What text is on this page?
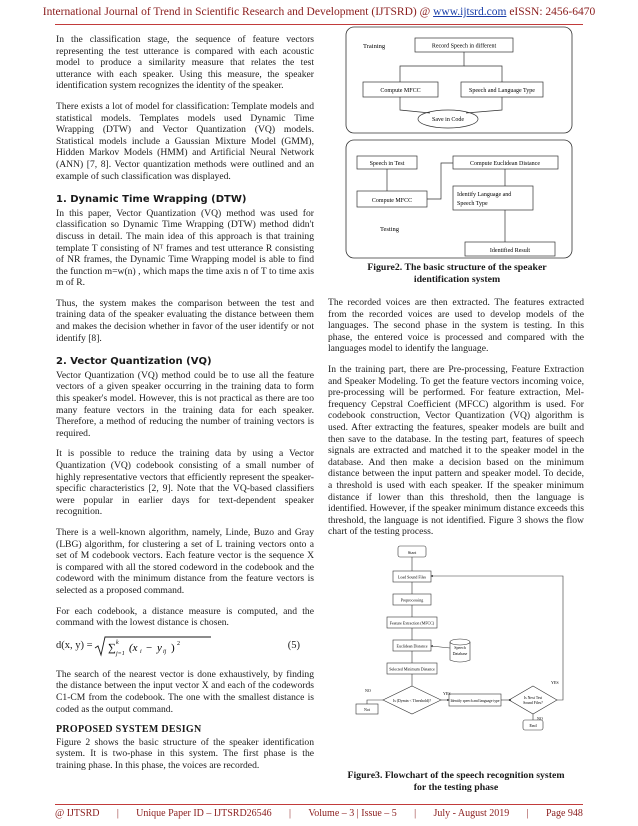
International Journal of Trend in Scientific Research and Development (IJTSRD) @ www.ijtsrd.com eISSN: 2456-6470

In the classification stage, the sequence of feature vectors representing the test utterance is compared with each acoustic model to produce a similarity measure that relates the test utterance with each speaker. Using this measure, the speaker identification system recognizes the identity of the speaker.

There exists a lot of model for classification: Template models and statistical models. Templates models used Dynamic Time Wrapping (DTW) and Vector Quantization (VQ) models. Statistical models include a Gaussian Mixture Model (GMM), Hidden Markov Models (HMM) and Artificial Neural Network (ANN) [7, 8]. Vector quantization methods were outlined and an example of such classification was displayed.

1. Dynamic Time Wrapping (DTW)

In this paper, Vector Quantization (VQ) method was used for classification so Dynamic Time Wrapping (DTW) method didn't discuss in detail. The main idea of this approach is that training template T consisting of Nᵀ frames and test utterance R consisting of NR frames, the Dynamic Time Wrapping model is able to find the function m=w(n) , which maps the time axis n of T to time axis m of R.

Thus, the system makes the comparison between the test and training data of the speaker evaluating the distance between them and makes the decision whether in favor of the user identify or not identify [8].

2. Vector Quantization (VQ)

Vector Quantization (VQ) method could be to use all the feature vectors of a given speaker occurring in the training data to form this speaker's model. However, this is not practical as there are too many feature vectors in the training data for each speaker. Therefore, a method of reducing the number of training vectors is required.

It is possible to reduce the training data by using a Vector Quantization (VQ) codebook consisting of a small number of highly representative vectors that efficiently represent the speaker-specific characteristics [2, 9]. Note that the VQ-based classifiers were popular in earlier days for text-dependent speaker recognition.

There is a well-known algorithm, namely, Linde, Buzo and Gray (LBG) algorithm, for clustering a set of L training vectors onto a set of M codebook vectors. Each feature vector is the sequence X is compared with all the stored codeword in the codebook and the codeword with the minimum distance from the feature vectors is selected as a proposed command.

For each codebook, a distance measure is computed, and the command with the lowest distance is chosen.

d(x, y) = ∑ k
j=1 (x i − y ij ) 2	(5)

The search of the nearest vector is done exhaustively, by finding the distance between the input vector X and each of the codewords C1-CM from the codebook. The one with the smallest distance is coded as the output command.

PROPOSED SYSTEM DESIGN

Figure 2 shows the basic structure of the speaker identification system. It is two-phase in this system. The first phase is the training phase. In this phase, the voices are recorded.

Training	Record Speech in different
Compute MFCC	Speech and Language Type
Save in Code
Speech in Test	Compute Euclidean Distance
Compute MFCC
Identify Language and
Speech Type
Testing
Identified Result
Figure2. The basic structure of the speaker
identification system

The recorded voices are then extracted. The features extracted from the recorded voices are used to develop models of the languages. The second phase in the system is testing. In this phase, the entered voice is processed and compared with the languages model to identify the language.

In the training part, there are Pre-processing, Feature Extraction and Speaker Modeling. To get the feature vectors incoming voice, pre-processing will be performed. For feature extraction, Mel-frequency Cepstral Coefficient (MFCC) algorithm is used. For codebook construction, Vector Quantization (VQ) algorithm is used. After extracting the features, speaker models are built and then save to the database. In the testing part, features of speech signals are extracted and matched it to the speaker model in the database. And then make a decision based on the minimum distance between the input pattern and speaker model. To decide, a threshold is used with each speaker. If the speaker minimum distance if lower than this threshold, then the language is identified. However, if the speaker minimum distance exceeds this threshold, the language is not identified. Figure 3 shows the flow chart of the testing process.

Start
Load Sound Files
Preprocessing
Feature Extraction (MFCC)
Euclidean Distance	Speech
Database
Selected Minimum Distance
Is (Dymin < Threshold)?
NO
Not
YES
Identify speech and language type
Is Next Test
Sound Files?
YES
NO
End
Figure3. Flowchart of the speech recognition system
for the testing phase
@ IJTSRD | Unique Paper ID – IJTSRD26546 | Volume – 3 | Issue – 5 | July - August 2019 | Page 948
